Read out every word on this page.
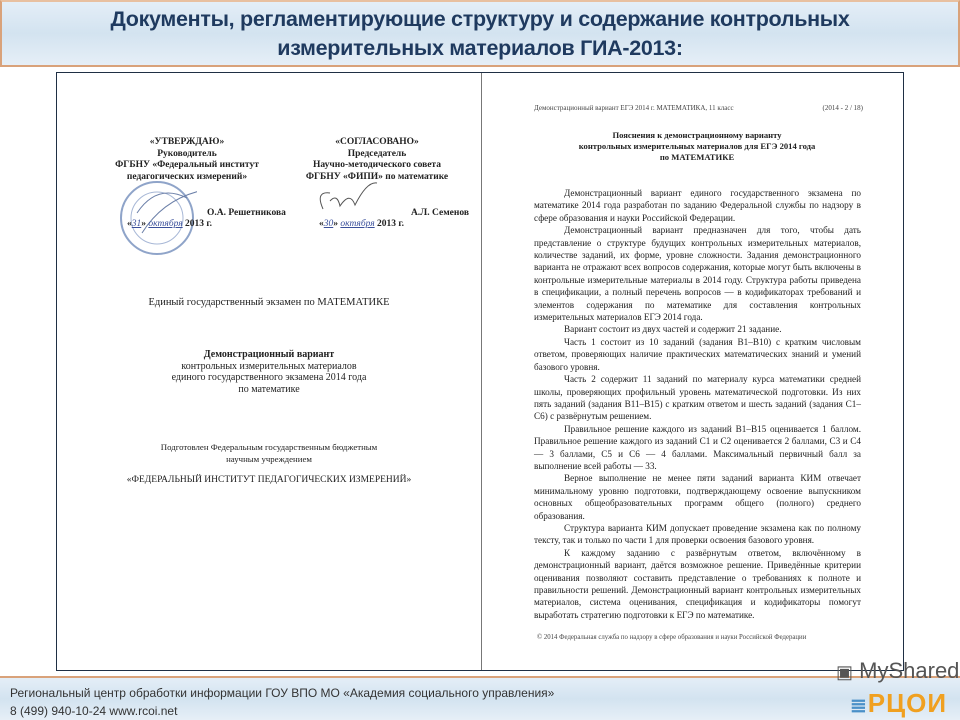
Документы, регламентирующие структуру и содержание контрольных
измерительных материалов ГИА-2013:
«УТВЕРЖДАЮ»
Руководитель
ФГБНУ «Федеральный институт
педагогических измерений»
О.А. Решетникова
«31» октября 2013 г.
«СОГЛАСОВАНО»
Председатель
Научно-методического совета
ФГБНУ «ФИПИ» по математике
А.Л. Семенов
«30» октября 2013 г.
Единый государственный экзамен по МАТЕМАТИКЕ
Демонстрационный вариант
контрольных измерительных материалов
единого государственного экзамена 2014 года
по математике
Подготовлен Федеральным государственным бюджетным
научным учреждением
«ФЕДЕРАЛЬНЫЙ ИНСТИТУТ ПЕДАГОГИЧЕСКИХ ИЗМЕРЕНИЙ»
Демонстрационный вариант ЕГЭ 2014 г. МАТЕМАТИКА, 11 класс	(2014 - 2 / 18)
Пояснения к демонстрационному варианту
контрольных измерительных материалов для ЕГЭ 2014 года
по МАТЕМАТИКЕ

Демонстрационный вариант единого государственного экзамена по математике 2014 года разработан по заданию Федеральной службы по надзору в сфере образования и науки Российской Федерации.

Демонстрационный вариант предназначен для того, чтобы дать представление о структуре будущих контрольных измерительных материалов, количестве заданий, их форме, уровне сложности. Задания демонстрационного варианта не отражают всех вопросов содержания, которые могут быть включены в контрольные измерительные материалы в 2014 году. Структура работы приведена в спецификации, а полный перечень вопросов — в кодификаторах требований и элементов содержания по математике для составления контрольных измерительных материалов ЕГЭ 2014 года.

Вариант состоит из двух частей и содержит 21 задание.

Часть 1 состоит из 10 заданий (задания B1–B10) с кратким числовым ответом, проверяющих наличие практических математических знаний и умений базового уровня.

Часть 2 содержит 11 заданий по материалу курса математики средней школы, проверяющих профильный уровень математической подготовки. Из них пять заданий (задания B11–B15) с кратким ответом и шесть заданий (задания C1–C6) с развёрнутым решением.

Правильное решение каждого из заданий B1–B15 оценивается 1 баллом. Правильное решение каждого из заданий C1 и C2 оценивается 2 баллами, C3 и C4 — 3 баллами, C5 и C6 — 4 баллами. Максимальный первичный балл за выполнение всей работы — 33.

Верное выполнение не менее пяти заданий варианта КИМ отвечает минимальному уровню подготовки, подтверждающему освоение выпускником основных общеобразовательных программ общего (полного) среднего образования.

Структура варианта КИМ допускает проведение экзамена как по полному тексту, так и только по части 1 для проверки освоения базового уровня.

К каждому заданию с развёрнутым ответом, включённому в демонстрационный вариант, даётся возможное решение. Приведённые критерии оценивания позволяют составить представление о требованиях к полноте и правильности решений. Демонстрационный вариант контрольных измерительных материалов, система оценивания, спецификация и кодификаторы помогут выработать стратегию подготовки к ЕГЭ по математике.

© 2014 Федеральная служба по надзору в сфере образования и науки Российской Федерации
Региональный центр обработки информации ГОУ ВПО МО «Академия социального управления»
8 (499) 940-10-24 www.rcoi.net
▣ MyShared
≣РЦОИ
